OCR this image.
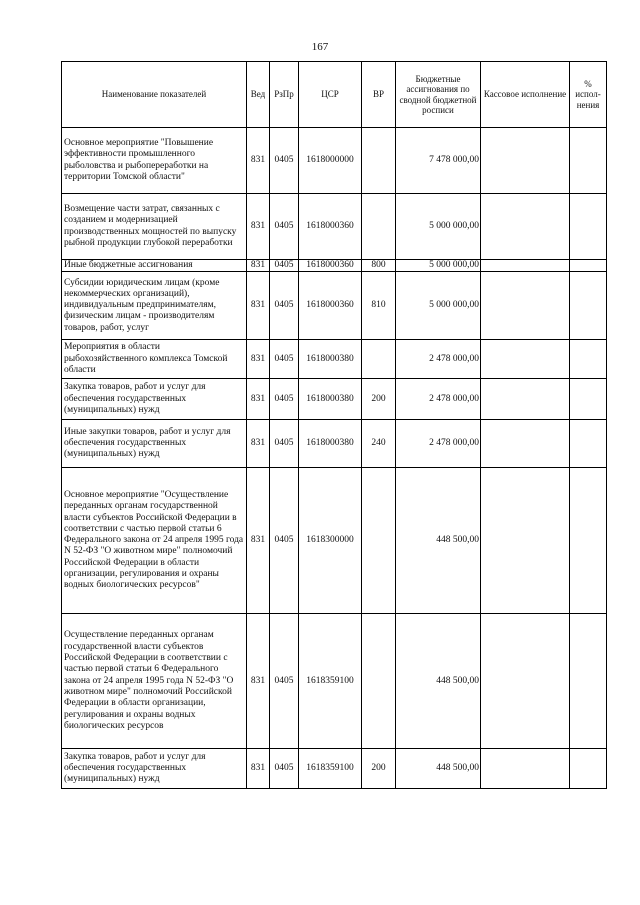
167
Наименование показателей	Вед	РзПр	ЦСР	ВР	Бюджетные ассигнования по сводной бюджетной росписи	Кассовое исполнение	% испол-нения
Основное мероприятие "Повышение эффективности промышленного рыболовства и рыбопереработки на территории Томской области"	831	0405	1618000000		7 478 000,00		
Возмещение части затрат, связанных с созданием и модернизацией производственных мощностей по выпуску рыбной продукции глубокой переработки	831	0405	1618000360		5 000 000,00		
Иные бюджетные ассигнования	831	0405	1618000360	800	5 000 000,00		
Субсидии юридическим лицам (кроме некоммерческих организаций), индивидуальным предпринимателям, физическим лицам - производителям товаров, работ, услуг	831	0405	1618000360	810	5 000 000,00		
Мероприятия в области рыбохозяйственного комплекса Томской области	831	0405	1618000380		2 478 000,00		
Закупка товаров, работ и услуг для обеспечения государственных (муниципальных) нужд	831	0405	1618000380	200	2 478 000,00		
Иные закупки товаров, работ и услуг для обеспечения государственных (муниципальных) нужд	831	0405	1618000380	240	2 478 000,00		
Основное мероприятие "Осуществление переданных органам государственной власти субъектов Российской Федерации в соответствии с частью первой статьи 6 Федерального закона от 24 апреля 1995 года N 52-ФЗ "О животном мире" полномочий Российской Федерации в области организации, регулирования и охраны водных биологических ресурсов"	831	0405	1618300000		448 500,00		
Осуществление переданных органам государственной власти субъектов Российской Федерации в соответствии с частью первой статьи 6 Федерального закона от 24 апреля 1995 года N 52-ФЗ "О животном мире" полномочий Российской Федерации в области организации, регулирования и охраны водных биологических ресурсов	831	0405	1618359100		448 500,00		
Закупка товаров, работ и услуг для обеспечения государственных (муниципальных) нужд	831	0405	1618359100	200	448 500,00		
